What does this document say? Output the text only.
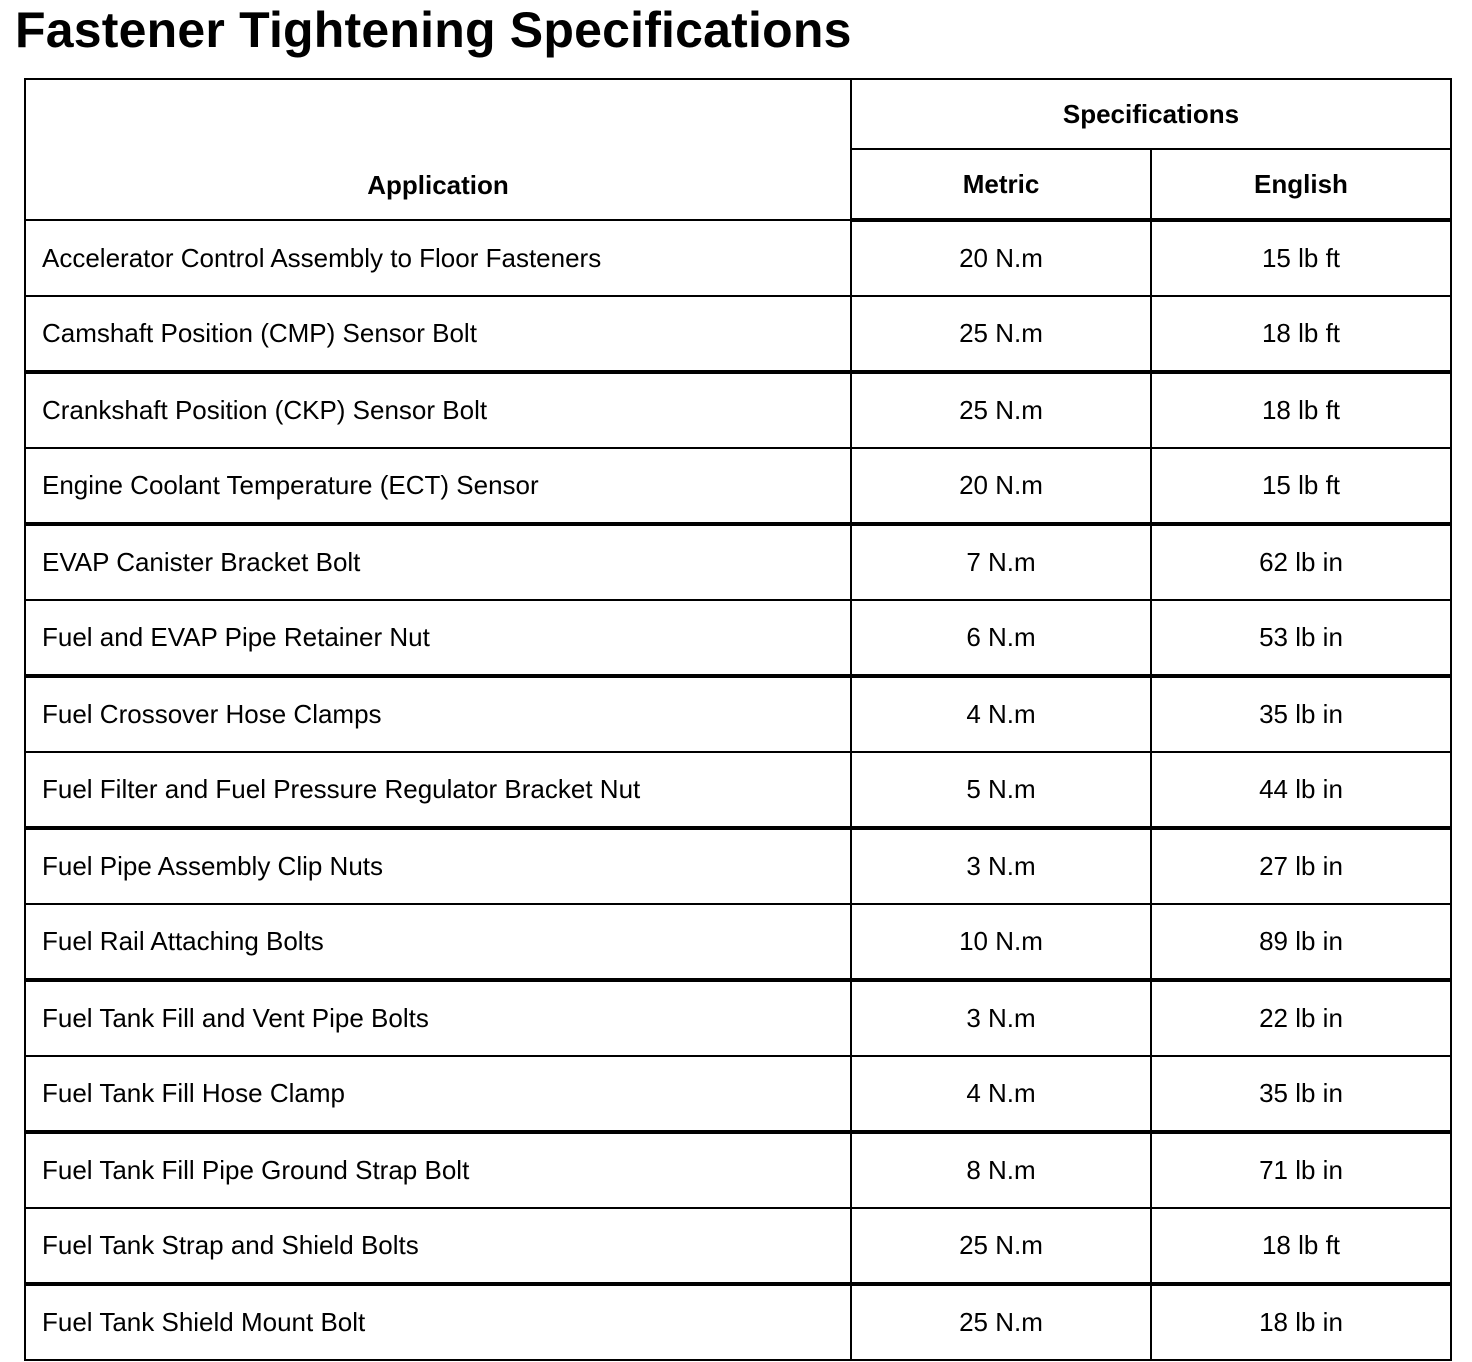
Fastener Tightening Specifications
Application	Specifications	
	Metric	English
Accelerator Control Assembly to Floor Fasteners	20 N.m	15 lb ft
Camshaft Position (CMP) Sensor Bolt	25 N.m	18 lb ft
Crankshaft Position (CKP) Sensor Bolt	25 N.m	18 lb ft
Engine Coolant Temperature (ECT) Sensor	20 N.m	15 lb ft
EVAP Canister Bracket Bolt	7 N.m	62 lb in
Fuel and EVAP Pipe Retainer Nut	6 N.m	53 lb in
Fuel Crossover Hose Clamps	4 N.m	35 lb in
Fuel Filter and Fuel Pressure Regulator Bracket Nut	5 N.m	44 lb in
Fuel Pipe Assembly Clip Nuts	3 N.m	27 lb in
Fuel Rail Attaching Bolts	10 N.m	89 lb in
Fuel Tank Fill and Vent Pipe Bolts	3 N.m	22 lb in
Fuel Tank Fill Hose Clamp	4 N.m	35 lb in
Fuel Tank Fill Pipe Ground Strap Bolt	8 N.m	71 lb in
Fuel Tank Strap and Shield Bolts	25 N.m	18 lb ft
Fuel Tank Shield Mount Bolt	25 N.m	18 lb in
